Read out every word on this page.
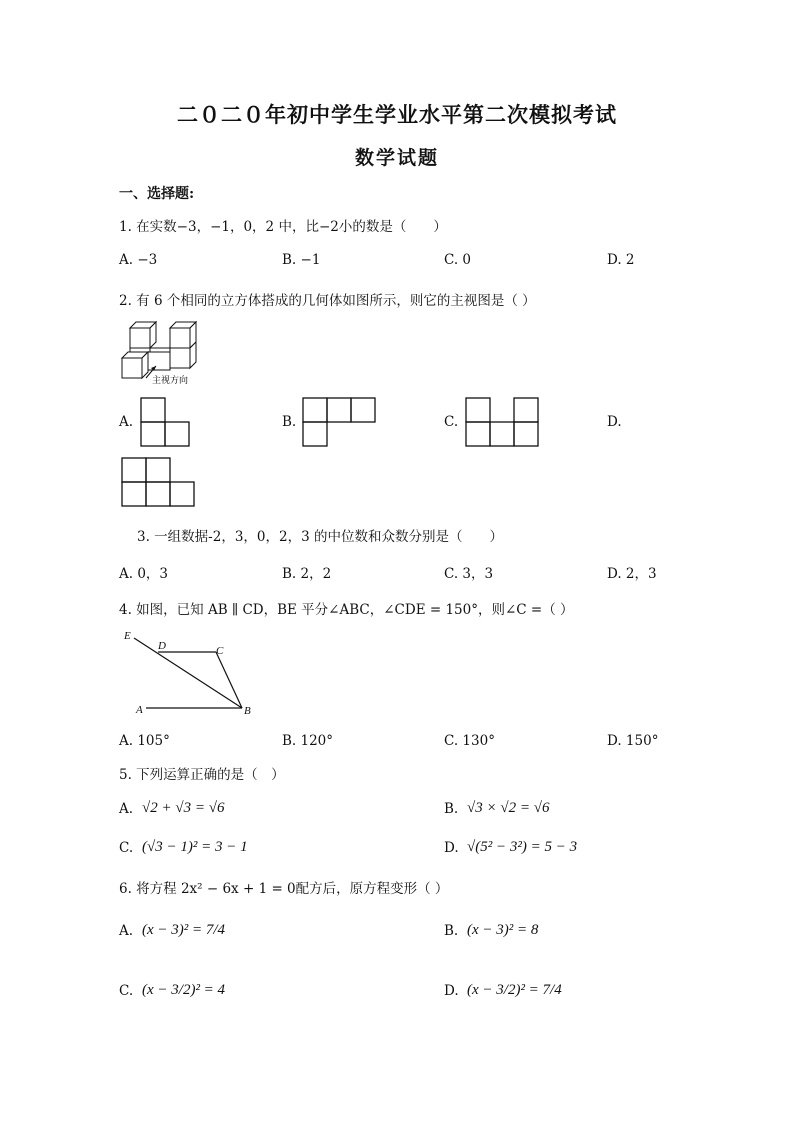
二０二０年初中学生学业水平第二次模拟考试
数学试题
一、选择题:
1. 在实数−3，−1，0，2 中，比−2小的数是（　　）
A. −3	B. −1	C. 0	D. 2
2. 有 6 个相同的立方体搭成的几何体如图所示，则它的主视图是（ ）
主视方向
A.	B.	C.	D.
3. 一组数据-2，3，0，2，3 的中位数和众数分别是（　　）
A. 0，3	B. 2，2	C. 3，3	D. 2，3
4. 如图，已知 AB ∥ CD，BE 平分∠ABC，∠CDE = 150°，则∠C =（ ）
E
D	C
A	B
A. 105°	B. 120°	C. 130°	D. 150°
5. 下列运算正确的是（　）
A. √2 + √3 = √6	B. √3 × √2 = √6
C. (√3 − 1)² = 3 − 1	D. √(5² − 3²) = 5 − 3
6. 将方程 2x² − 6x + 1 = 0配方后，原方程变形（ ）
A. (x − 3)² = 7/4	B. (x − 3)² = 8
C. (x − 3/2)² = 4	D. (x − 3/2)² = 7/4
